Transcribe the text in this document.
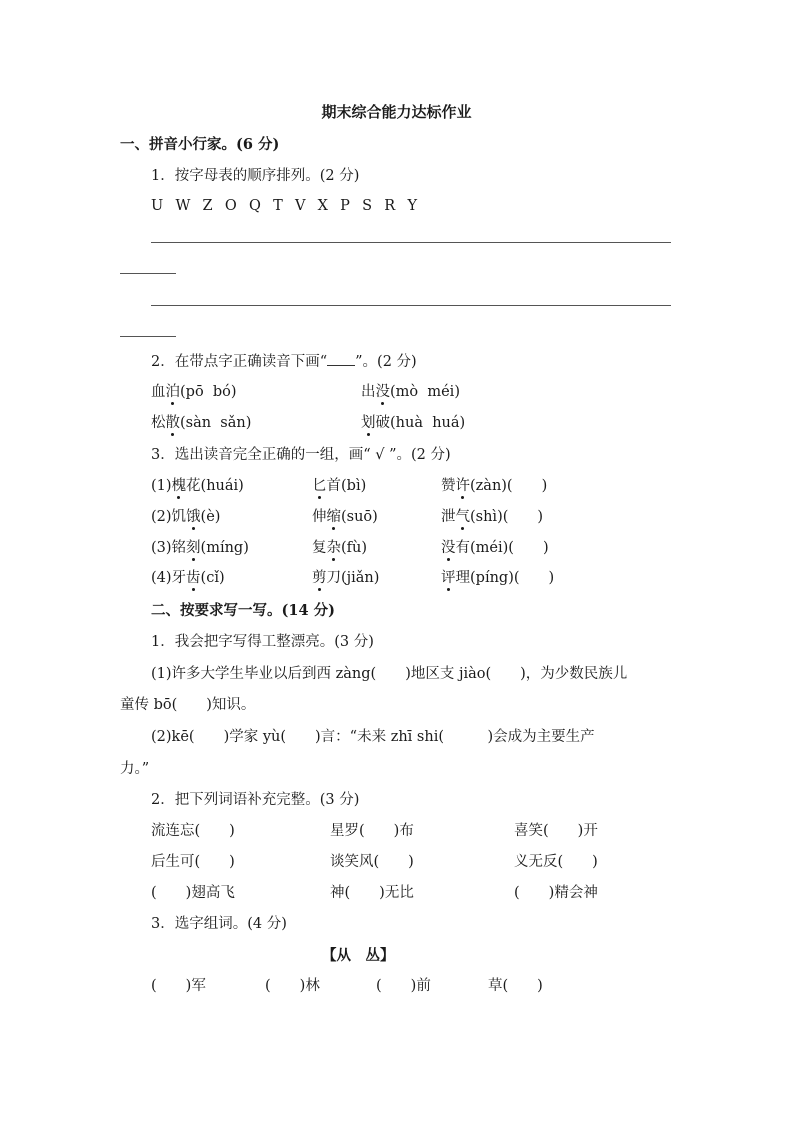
期末综合能力达标作业
一、拼音小行家。(6 分)
1．按字母表的顺序排列。(2 分)
U  W  Z  O  Q  T  V  X  P  S  R  Y
2．在带点字正确读音下画“ ”。(2 分)
血泊(pō  bó)	出没(mò  méi)
松散(sàn  sǎn)	划破(huà  huá)
3．选出读音完全正确的一组，画“ √ ”。(2 分)
(1)槐花(huái)	匕首(bì)	赞许(zàn)(　　)
(2)饥饿(è)	伸缩(suō)	泄气(shì)(　　)
(3)铭刻(míng)	复杂(fù)	没有(méi)(　　)
(4)牙齿(cǐ)	剪刀(jiǎn)	评理(píng)(　　)
二、按要求写一写。(14 分)
1．我会把字写得工整漂亮。(3 分)
(1)许多大学生毕业以后到西 zàng(　　)地区支 jiào(　　)，为少数民族儿
童传 bō(　　)知识。
(2)kē(　　)学家 yù(　　)言：“未来 zhī shi(　　　)会成为主要生产
力。”
2．把下列词语补充完整。(3 分)
流连忘(　　)	星罗(　　)布	喜笑(　　)开
后生可(　　)	谈笑风(　　)	义无反(　　)
(　　)翅高飞	神(　　)无比	(　　)精会神
3．选字组词。(4 分)
【从　丛】
(　　)军	(　　)林	(　　)前	草(　　)
